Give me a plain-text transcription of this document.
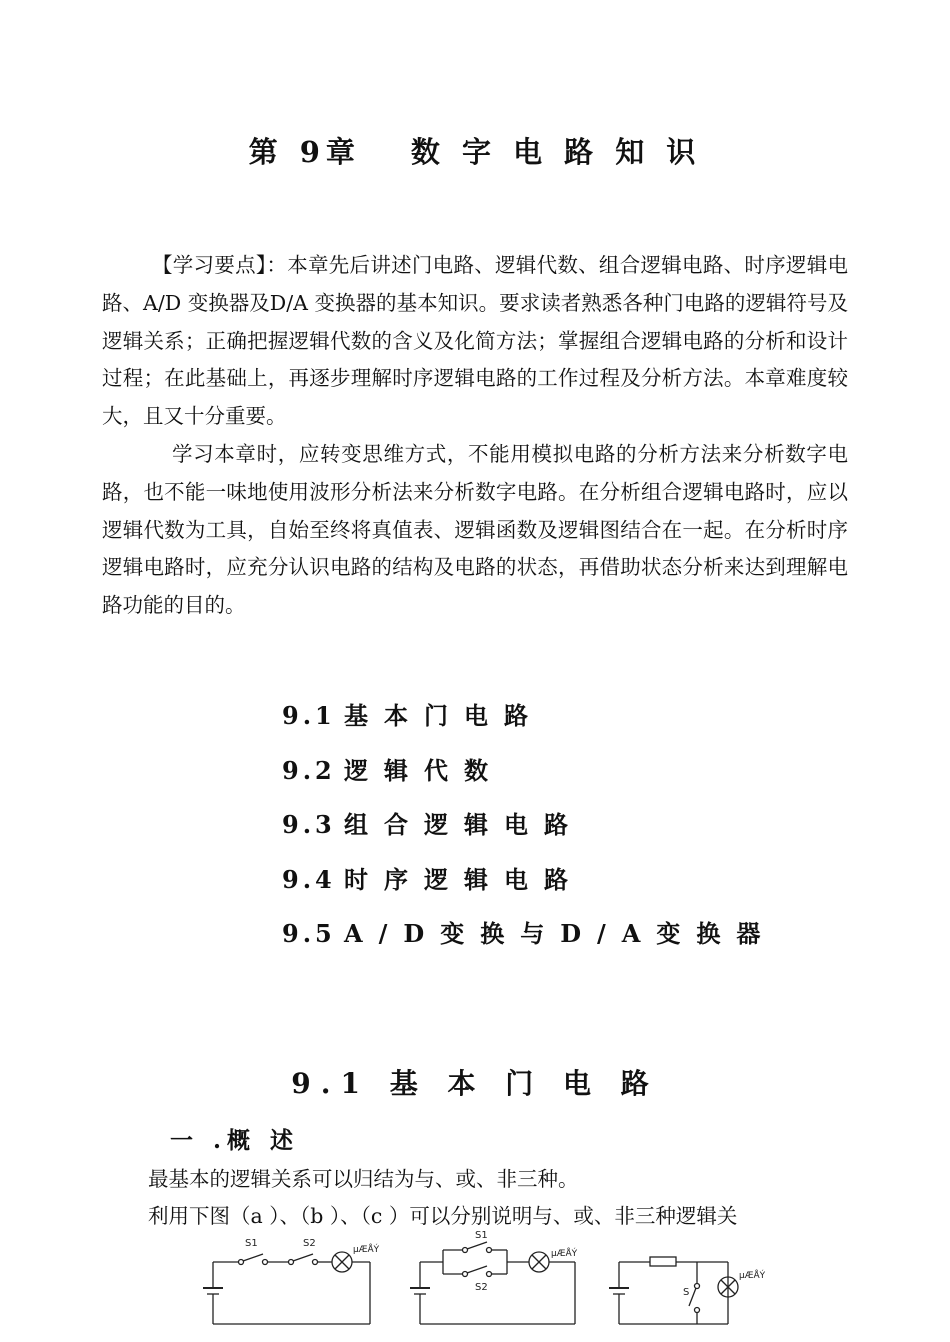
第 9章 数 字 电 路 知 识

【学习要点】：本章先后讲述门电路、逻辑代数、组合逻辑电路、时序逻辑电路、A/D 变换器及D/A 变换器的基本知识。要求读者熟悉各种门电路的逻辑符号及逻辑关系；正确把握逻辑代数的含义及化简方法；掌握组合逻辑电路的分析和设计过程；在此基础上，再逐步理解时序逻辑电路的工作过程及分析方法。本章难度较大，且又十分重要。

学习本章时，应转变思维方式，不能用模拟电路的分析方法来分析数字电路，也不能一味地使用波形分析法来分析数字电路。在分析组合逻辑电路时，应以逻辑代数为工具，自始至终将真值表、逻辑函数及逻辑图结合在一起。在分析时序逻辑电路时，应充分认识电路的结构及电路的状态，再借助状态分析来达到理解电路功能的目的。

9.1 基本门电路
9.2 逻辑代数
9.3 组合逻辑电路
9.4 时序逻辑电路
9.5 A/D变换与D/A变换器
9.1 基 本 门 电 路
一 .概 述

最基本的逻辑关系可以归结为与、或、非三种。

利用下图（a ）、（b ）、（c ）可以分别说明与、或、非三种逻辑关

S1	S2
µÆÅÝ
S1
S2
µÆÅÝ
S
µÆÅÝ
